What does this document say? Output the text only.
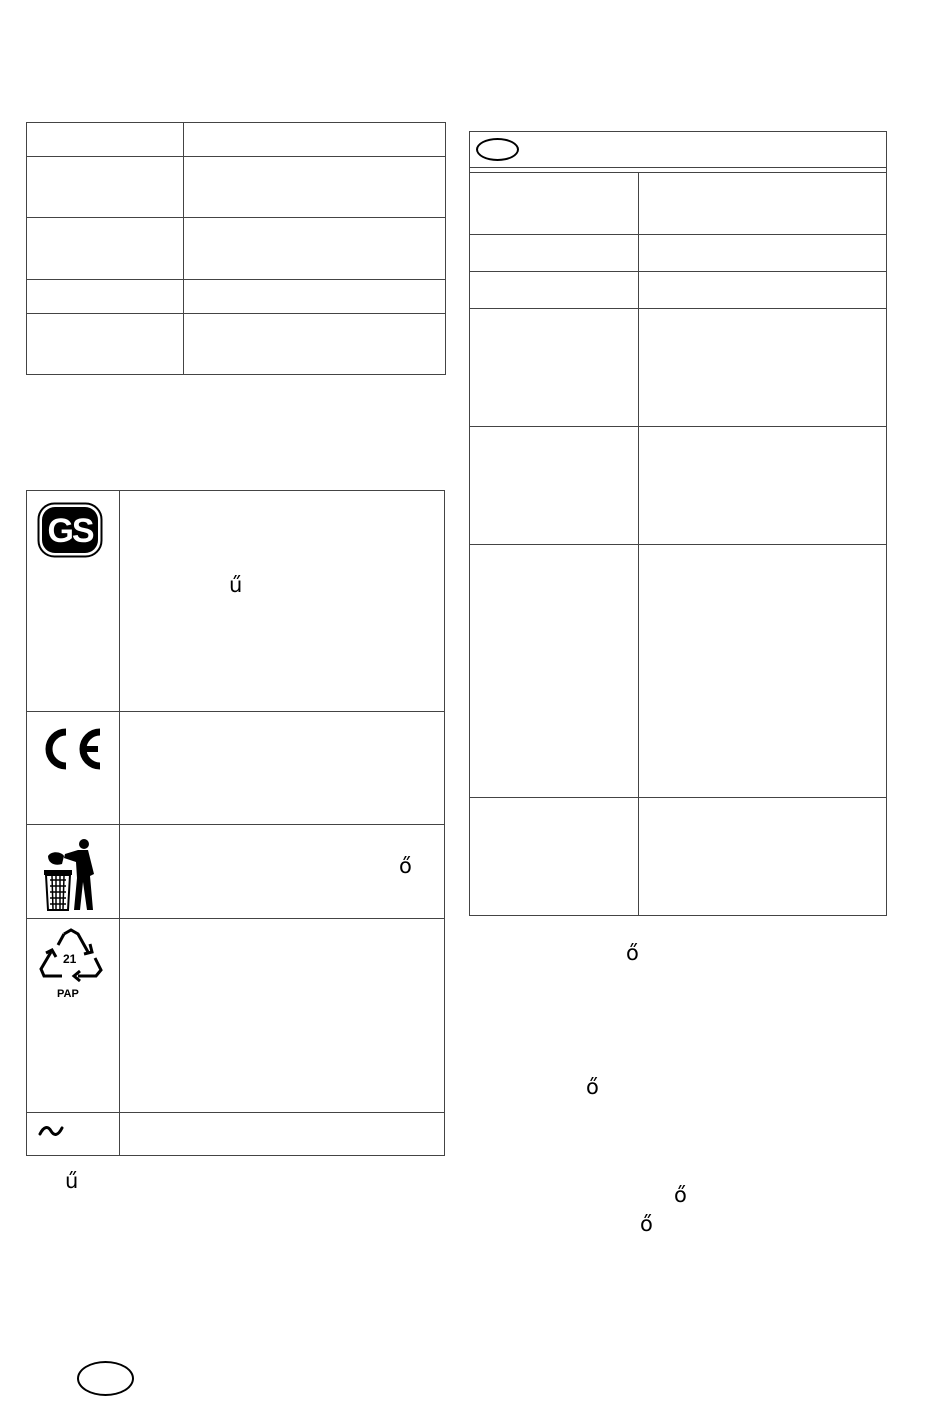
GS
21
PAP
ű
ő
ű
ő
ő
ő
ő
